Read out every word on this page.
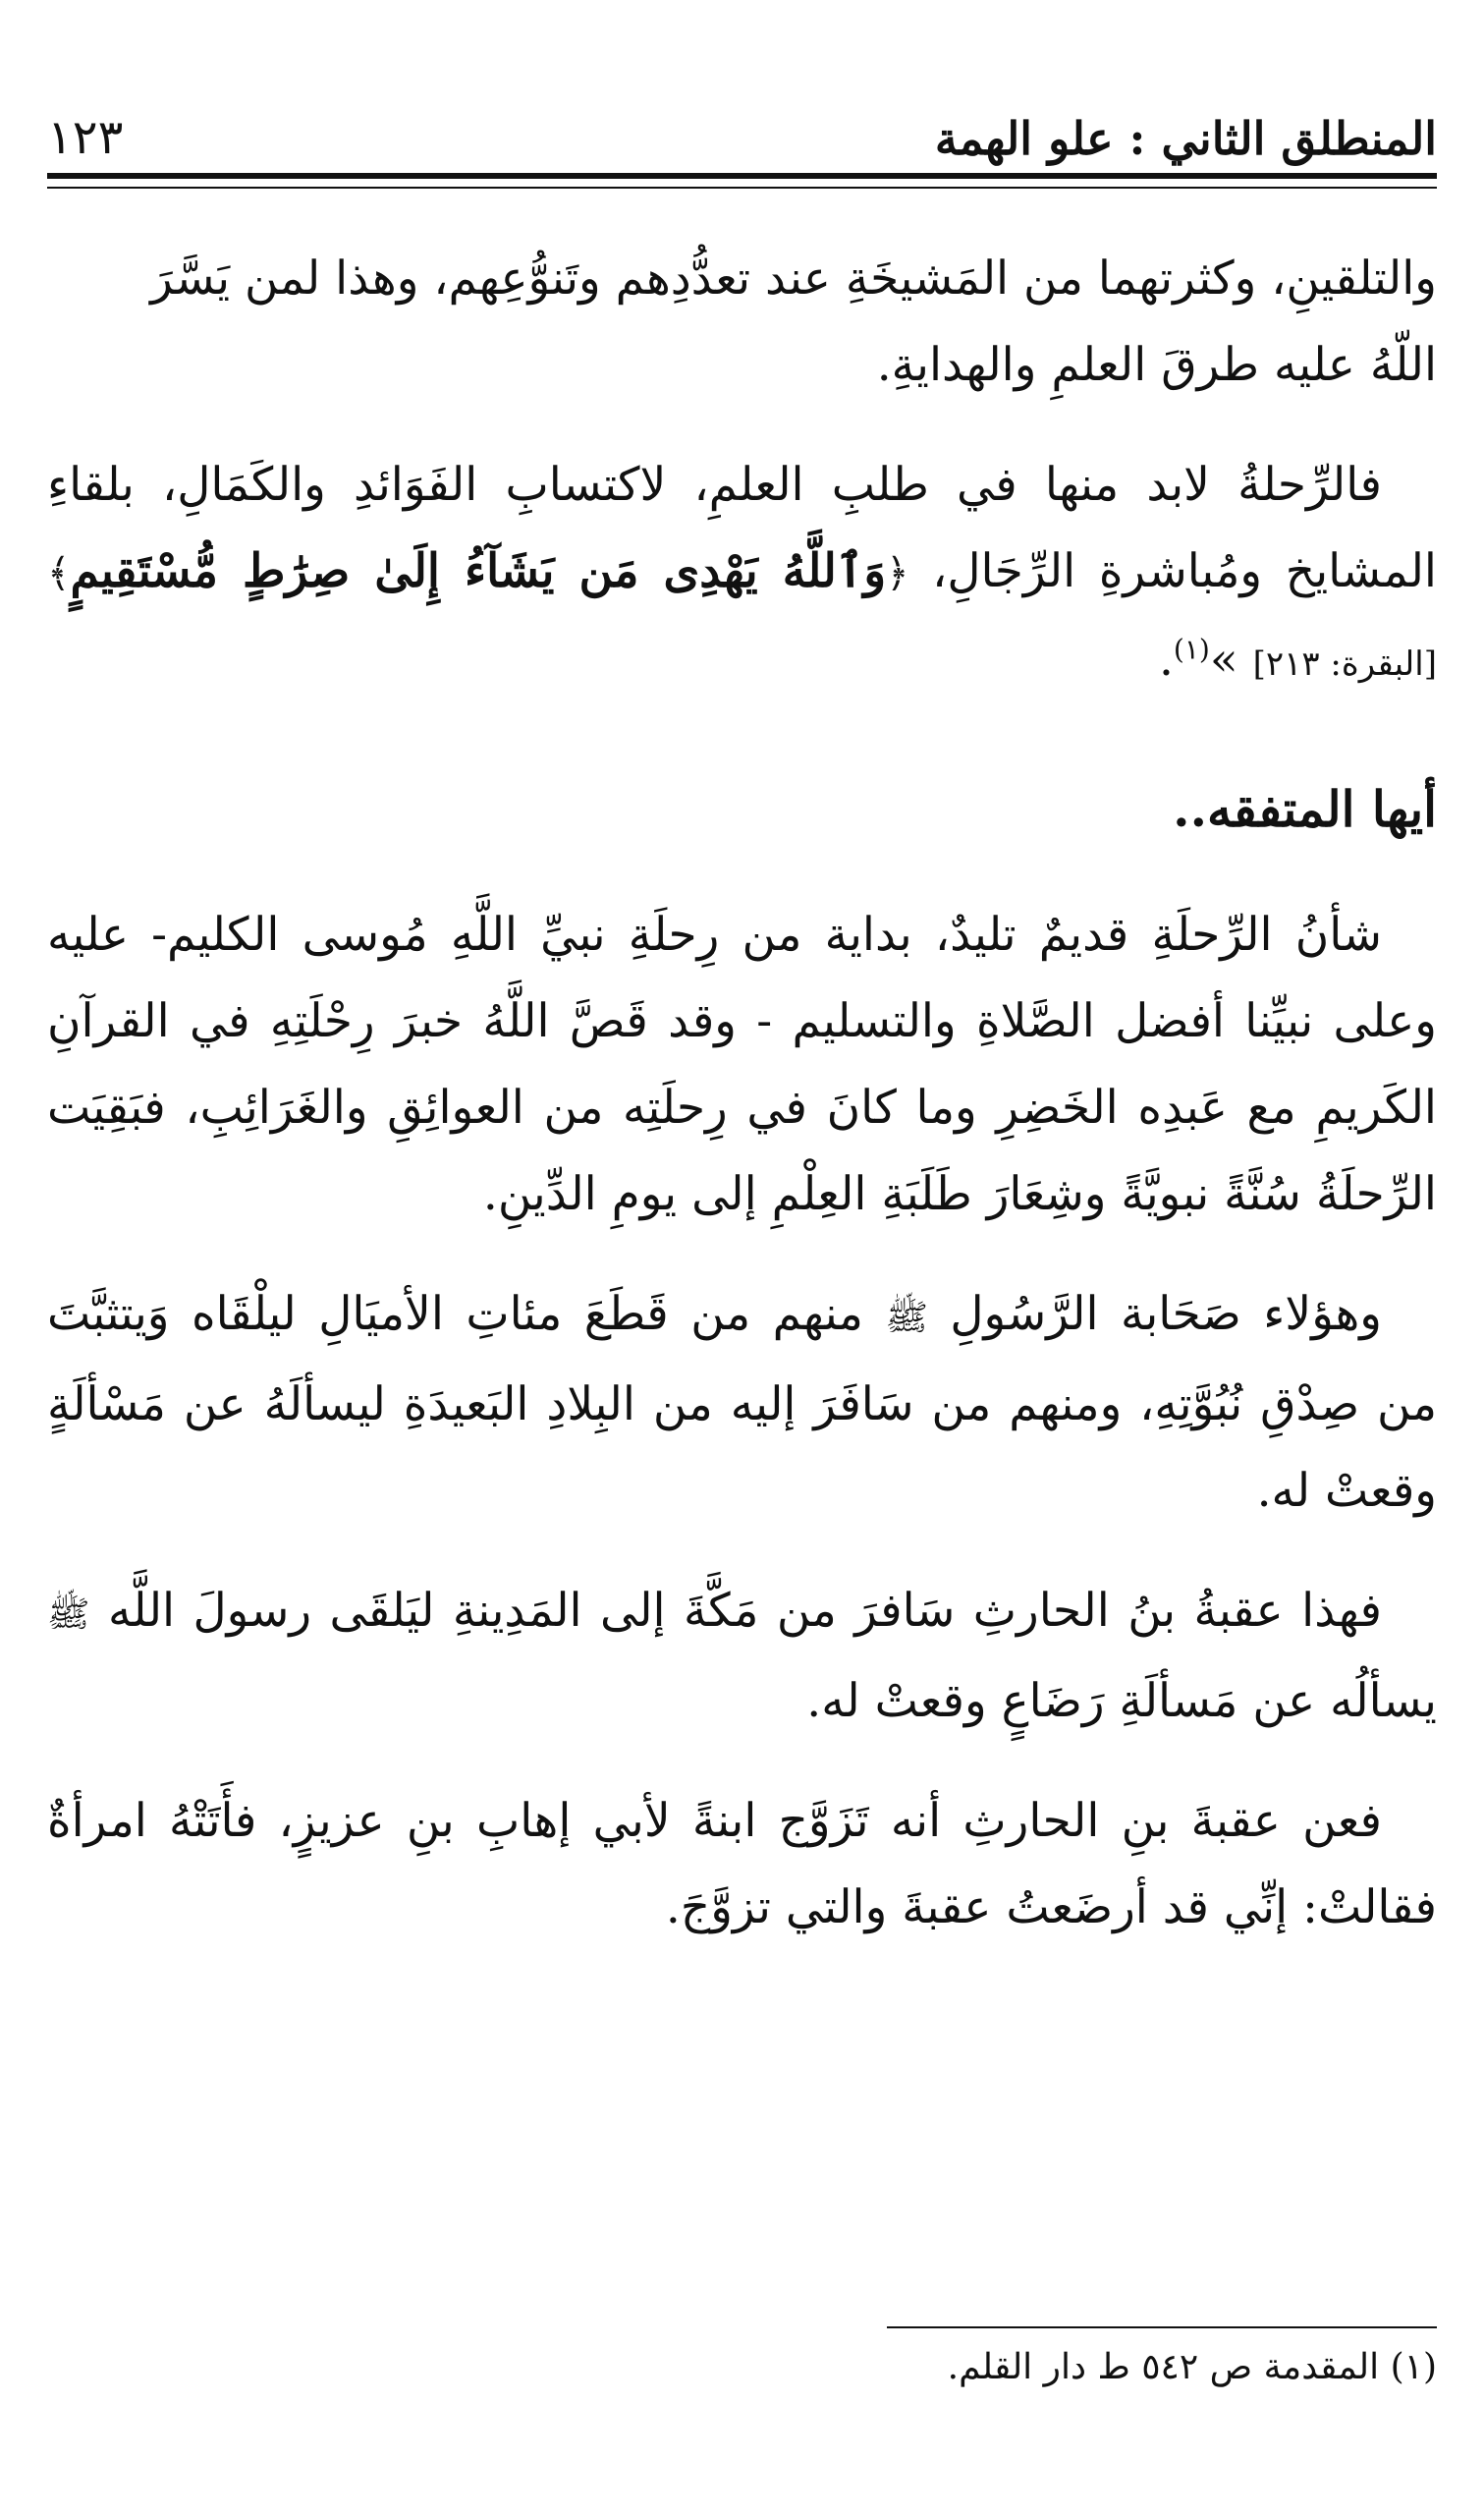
المنطلق الثاني : علو الهمة
١٢٣

والتلقينِ، وكثرتهما من المَشيخَةِ عند تعدُّدِهم وتَنوُّعِهم، وهذا لمن يَسَّرَ

اللّهُ عليه طرقَ العلمِ والهدايةِ.

فالرِّحلةُ لابد منها في طلبِ العلمِ، لاكتسابِ الفَوَائدِ والكَمَالِ، بلقاءِ المشايخ ومُباشرةِ الرِّجَالِ، ﴿وَٱللَّهُ يَهْدِى مَن يَشَآءُ إِلَىٰ صِرَٰطٍ مُّسْتَقِيمٍ﴾ [البقرة: ٢١٣] »$^{(١)}$.

أيها المتفقه..

شأنُ الرِّحلَةِ قديمٌ تليدٌ، بداية من رِحلَةِ نبيِّ اللَّهِ مُوسى الكليم- عليه وعلى نبيِّنا أفضل الصَّلاةِ والتسليم - وقد قَصَّ اللَّهُ خبرَ رِحْلَتِهِ في القرآنِ الكَريمِ مع عَبدِه الخَضِرِ وما كانَ في رِحلَتِه من العوائِقِ والغَرَائِبِ، فبَقِيَت الرِّحلَةُ سُنَّةً نبويَّةً وشِعَارَ طَلَبَةِ العِلْمِ إلى يومِ الدِّينِ.

وهؤلاء صَحَابة الرَّسُولِ ﷺ منهم من قَطَعَ مئاتِ الأميَالِ ليلْقَاه وَيتثبَّتَ من صِدْقِ نُبُوَّتِهِ، ومنهم من سَافَرَ إليه من البِلادِ البَعيدَةِ ليسألَهُ عن مَسْألَةٍ وقعتْ له.

فهذا عقبةُ بنُ الحارثِ سَافرَ من مَكَّةَ إلى المَدِينةِ ليَلقَى رسولَ اللَّه ﷺ يسألُه عن مَسألَةِ رَضَاعٍ وقعتْ له.

فعن عقبةَ بنِ الحارثِ أنه تَزَوَّج ابنةً لأبي إهابِ بنِ عزيزٍ، فأَتَتْهُ امرأةٌ فقالتْ: إنِّي قد أرضَعتُ عقبةَ والتي تزوَّجَ.

(١) المقدمة ص ٥٤٢ ط دار القلم.
